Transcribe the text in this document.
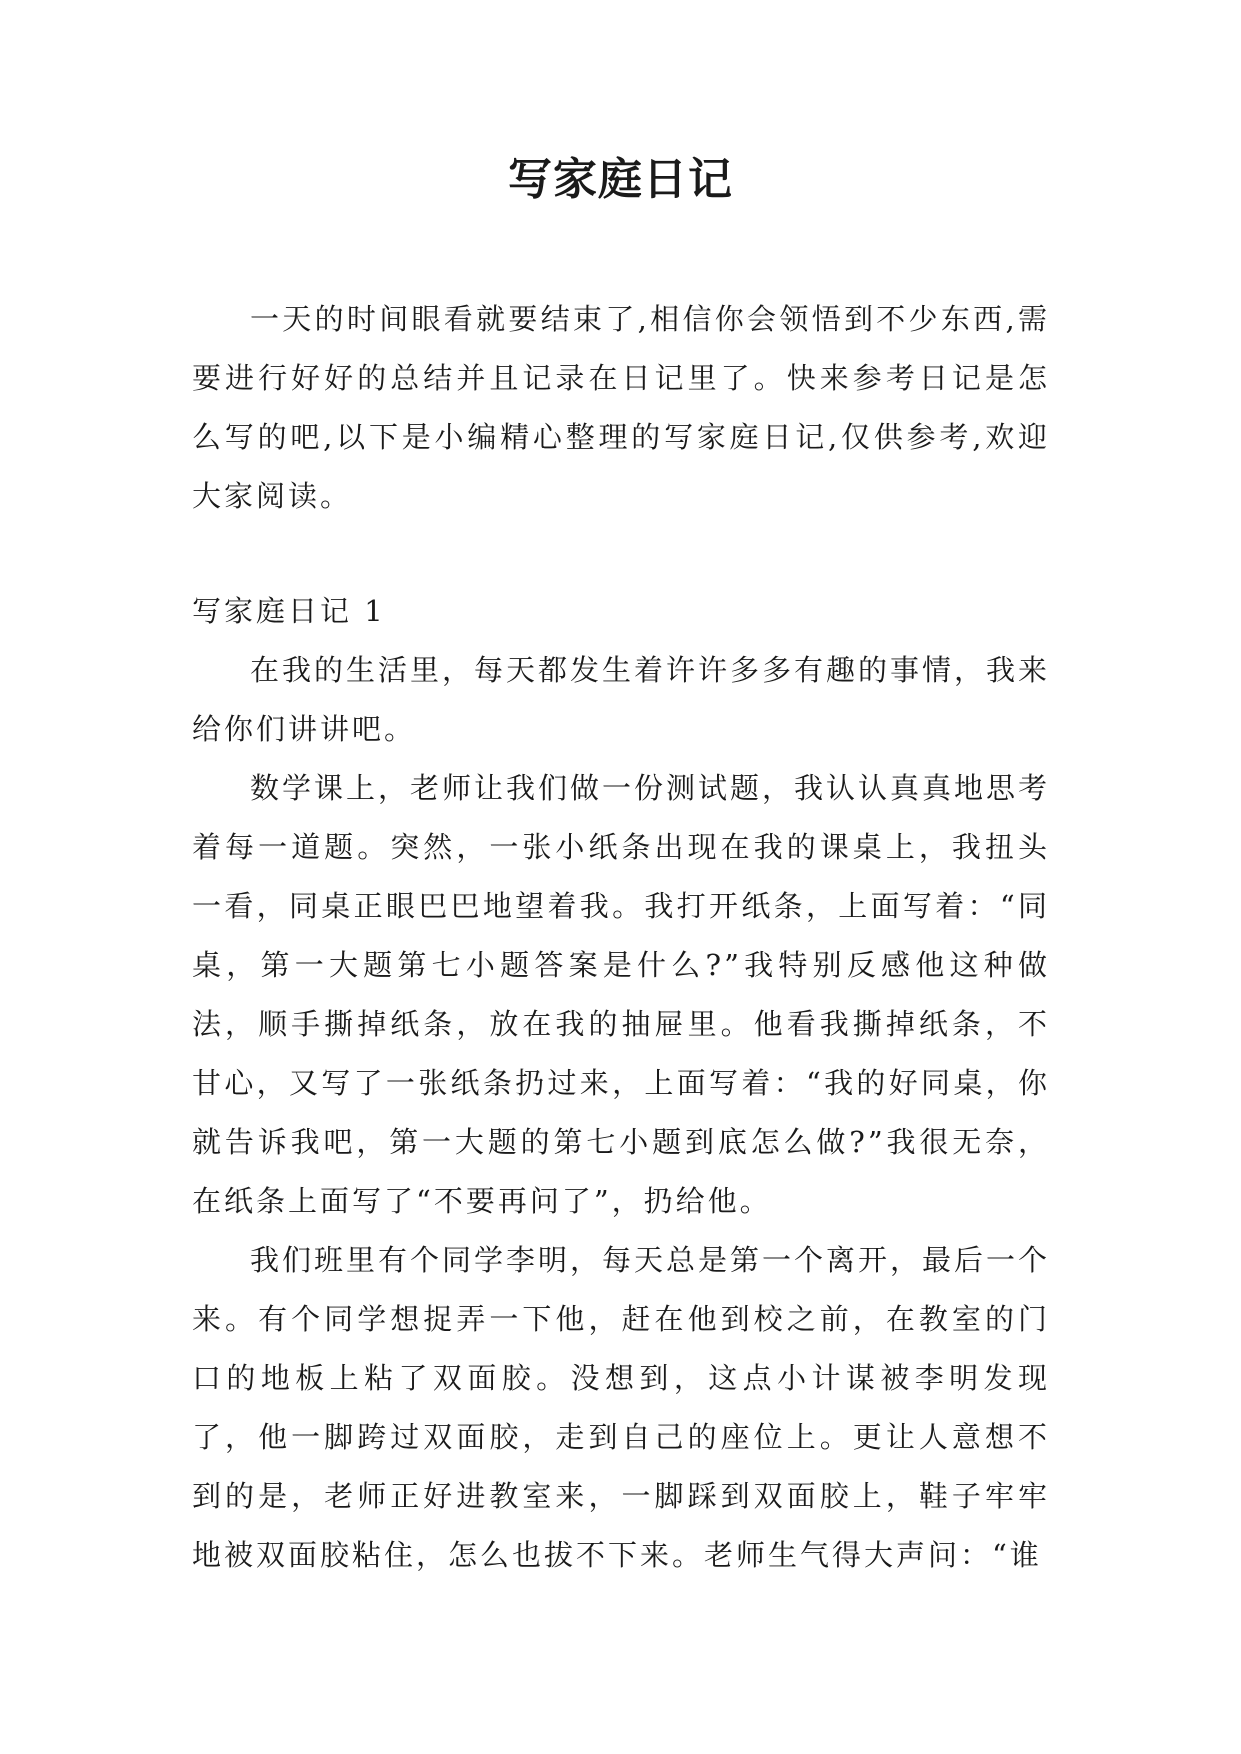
写家庭日记

一天的时间眼看就要结束了,相信你会领悟到不少东西,需要进行好好的总结并且记录在日记里了。快来参考日记是怎么写的吧,以下是小编精心整理的写家庭日记,仅供参考,欢迎大家阅读。

写家庭日记 1

在我的生活里，每天都发生着许许多多有趣的事情，我来给你们讲讲吧。

数学课上，老师让我们做一份测试题，我认认真真地思考着每一道题。突然，一张小纸条出现在我的课桌上，我扭头一看，同桌正眼巴巴地望着我。我打开纸条，上面写着：“同桌，第一大题第七小题答案是什么?”我特别反感他这种做法，顺手撕掉纸条，放在我的抽屉里。他看我撕掉纸条，不甘心，又写了一张纸条扔过来，上面写着：“我的好同桌，你就告诉我吧，第一大题的第七小题到底怎么做?”我很无奈，在纸条上面写了“不要再问了”，扔给他。

我们班里有个同学李明，每天总是第一个离开，最后一个来。有个同学想捉弄一下他，赶在他到校之前，在教室的门口的地板上粘了双面胶。没想到，这点小计谋被李明发现了，他一脚跨过双面胶，走到自己的座位上。更让人意想不到的是，老师正好进教室来，一脚踩到双面胶上，鞋子牢牢地被双面胶粘住，怎么也拔不下来。老师生气得大声问：“谁
